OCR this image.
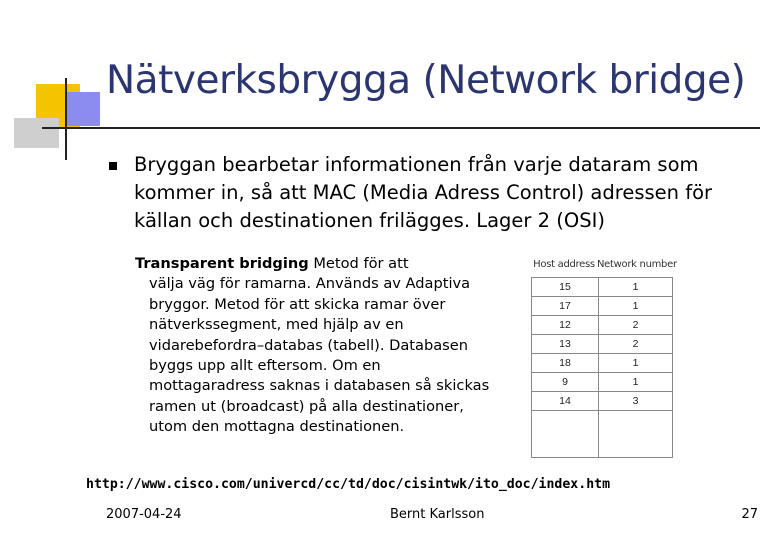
Nätverksbrygga (Network bridge)

Bryggan bearbetar informationen från varje dataram som kommer in, så att MAC (Media Adress Control) adressen för källan och destinationen frilägges. Lager 2 (OSI)

Transparent bridging Metod för att
välja väg för ramarna. Används av Adaptiva bryggor. Metod för att skicka ramar över nätverkssegment, med hjälp av en vidarebefordra–databas (tabell). Databasen byggs upp allt eftersom. Om en mottagaradress saknas i databasen så skickas ramen ut (broadcast) på alla destinationer, utom den mottagna destinationen.

Host address Network number
15	1
17	1
12	2
13	2
18	1
9	1
14	3

http://www.cisco.com/univercd/cc/td/doc/cisintwk/ito_doc/index.htm

2007-04-24	Bernt Karlsson	27
